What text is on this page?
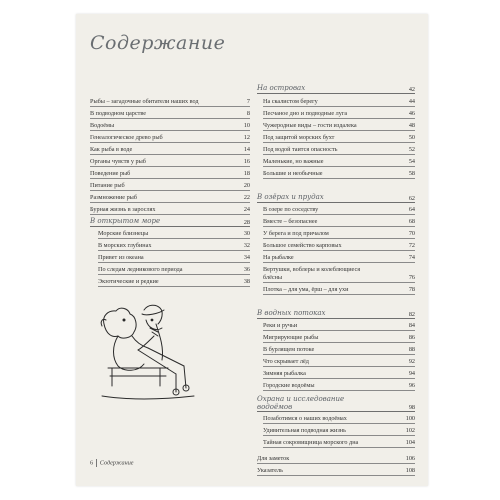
Содержание
Рыбы – загадочные обитатели наших вод	7
В подводном царстве	8
Водоёмы	10
Генеалогическое древо рыб	12
Как рыба в воде	14
Органы чувств у рыб	16
Поведение рыб	18
Питание рыб	20
Размножение рыб	22
Бурная жизнь в зарослях	24
В открытом море	28
Морские близнецы	30
В морских глубинах	32
Привет из океана	34
По следам ледникового периода	36
Экзотические и редкие	38
На островах	42
На скалистом берегу	44
Песчаное дно и подводные луга	46
Чужеродные виды – гости издалека	48
Под защитой морских бухт	50
Под водой таится опасность	52
Маленькие, но важные	54
Большие и необычные	58
В озёрах и прудах	62
В озере по соседству	64
Вместе – безопаснее	68
У берега и под причалом	70
Большое семейство карповых	72
На рыбалке	74
Вертушки, воблеры и колеблющиеся блёсны	76
Плотка – для ума, ёрш – для ухи	78
В водных потоках	82
Реки и ручьи	84
Мигрирующие рыбы	86
В бурлящем потоке	88
Что скрывает лёд	92
Зимняя рыбалка	94
Городские водоёмы	96
Охрана и исследование водоёмов	98
Позаботимся о наших водоёмах	100
Удивительная подводная жизнь	102
Тайная сокровищница морского дна	104
Для заметок	106
Указатель	108
6 Содержание
